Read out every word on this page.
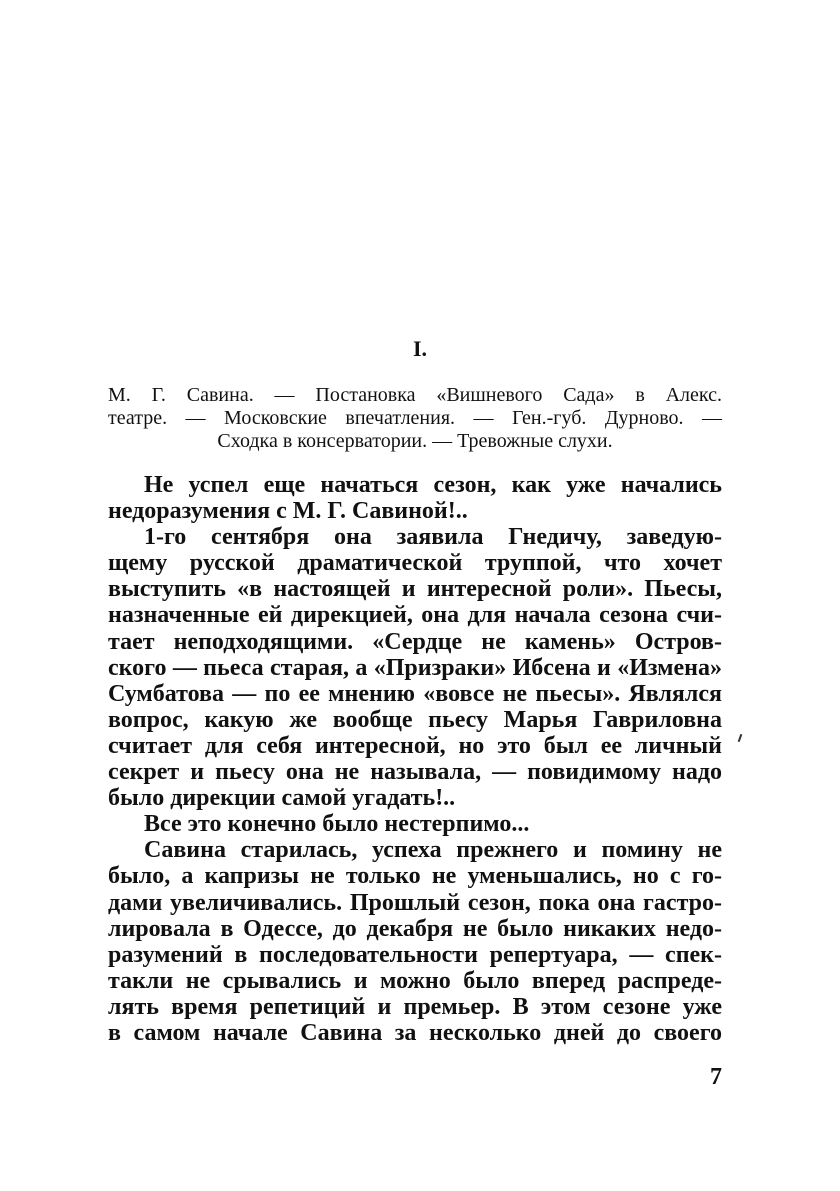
I.
М. Г. Савина. — Постановка «Вишневого Сада» в Алекс.
театре. — Московские впечатления. — Ген.-губ. Дурново. —
Сходка в консерватории. — Тревожные слухи.
Не успел еще начаться сезон, как уже начались
недоразумения с М. Г. Савиной!..
1-го сентября она заявила Гнедичу, заведую-
щему русской драматической труппой, что хочет
выступить «в настоящей и интересной роли». Пьесы,
назначенные ей дирекцией, она для начала сезона счи-
тает неподходящими. «Сердце не камень» Остров-
ского — пьеса старая, а «Призраки» Ибсена и «Измена»
Сумбатова — по ее мнению «вовсе не пьесы». Являлся
вопрос, какую же вообще пьесу Марья Гавриловна
считает для себя интересной, но это был ее личный
секрет и пьесу она не называла, — повидимому надо
было дирекции самой угадать!..
Все это конечно было нестерпимо...
Савина старилась, успеха прежнего и помину не
было, а капризы не только не уменьшались, но с го-
дами увеличивались. Прошлый сезон, пока она гастро-
лировала в Одессе, до декабря не было никаких недо-
разумений в последовательности репертуара, — спек-
такли не срывались и можно было вперед распреде-
лять время репетиций и премьер. В этом сезоне уже
в самом начале Савина за несколько дней до своего
7
